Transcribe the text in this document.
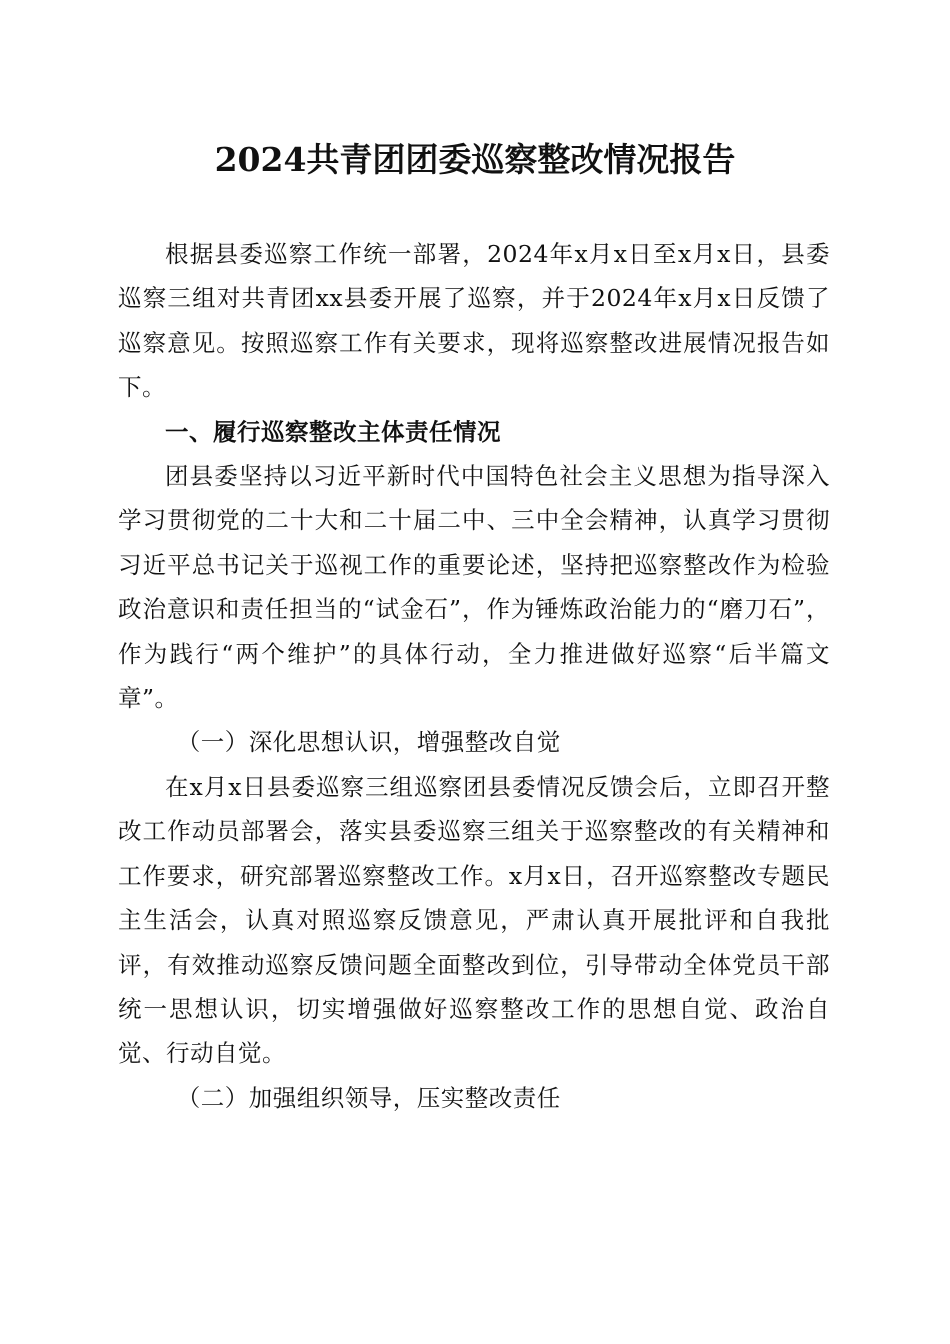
2024共青团团委巡察整改情况报告

根据县委巡察工作统一部署，2024年x月x日至x月x日，县委巡察三组对共青团xx县委开展了巡察，并于2024年x月x日反馈了巡察意见。按照巡察工作有关要求，现将巡察整改进展情况报告如下。

一、履行巡察整改主体责任情况

团县委坚持以习近平新时代中国特色社会主义思想为指导深入学习贯彻党的二十大和二十届二中、三中全会精神，认真学习贯彻习近平总书记关于巡视工作的重要论述，坚持把巡察整改作为检验政治意识和责任担当的“试金石”，作为锤炼政治能力的“磨刀石”，作为践行“两个维护”的具体行动，全力推进做好巡察“后半篇文章”。

（一）深化思想认识，增强整改自觉

在x月x日县委巡察三组巡察团县委情况反馈会后，立即召开整改工作动员部署会，落实县委巡察三组关于巡察整改的有关精神和工作要求，研究部署巡察整改工作。x月x日，召开巡察整改专题民主生活会，认真对照巡察反馈意见，严肃认真开展批评和自我批评，有效推动巡察反馈问题全面整改到位，引导带动全体党员干部统一思想认识，切实增强做好巡察整改工作的思想自觉、政治自觉、行动自觉。

（二）加强组织领导，压实整改责任
